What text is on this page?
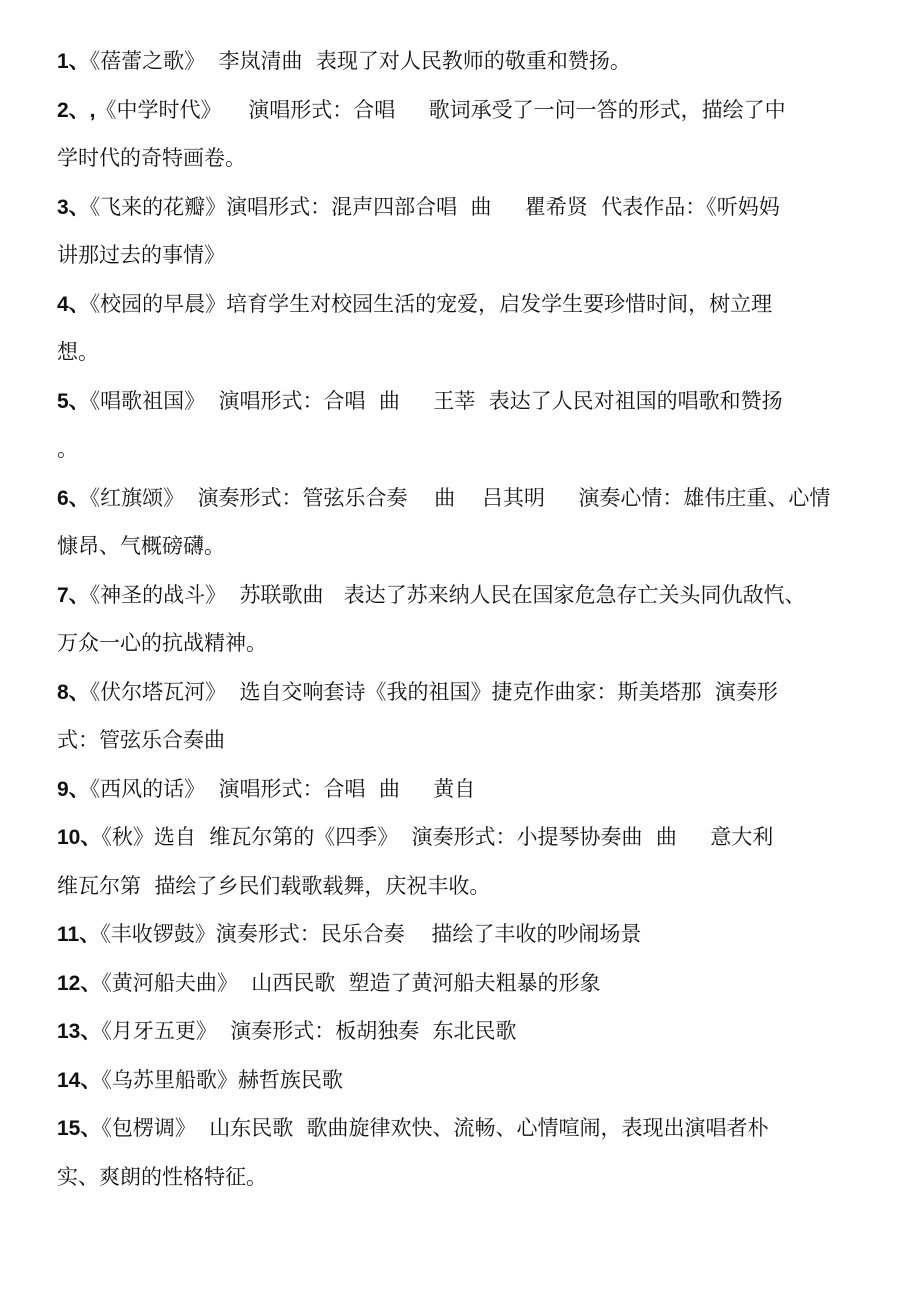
1、《蓓蕾之歌》  李岚清曲  表现了对人民教师的敬重和赞扬。
2、,《中学时代》    演唱形式：合唱     歌词承受了一问一答的形式，描绘了中
学时代的奇特画卷。
3、《飞来的花瓣》演唱形式：混声四部合唱  曲     瞿希贤  代表作品：《听妈妈
讲那过去的事情》
4、《校园的早晨》培育学生对校园生活的宠爱，启发学生要珍惜时间，树立理
想。
5、《唱歌祖国》  演唱形式：合唱  曲     王莘  表达了人民对祖国的唱歌和赞扬
。
6、《红旗颂》  演奏形式：管弦乐合奏    曲    吕其明     演奏心情：雄伟庄重、心情
慷昂、气概磅礴。
7、《神圣的战斗》  苏联歌曲   表达了苏来纳人民在国家危急存亡关头同仇敌忾、
万众一心的抗战精神。
8、《伏尔塔瓦河》  选自交响套诗《我的祖国》捷克作曲家：斯美塔那  演奏形
式：管弦乐合奏曲
9、《西风的话》  演唱形式：合唱  曲     黄自
10、《秋》选自  维瓦尔第的《四季》  演奏形式：小提琴协奏曲  曲     意大利
维瓦尔第  描绘了乡民们载歌载舞，庆祝丰收。
11、《丰收锣鼓》演奏形式：民乐合奏    描绘了丰收的吵闹场景
12、《黄河船夫曲》  山西民歌  塑造了黄河船夫粗暴的形象
13、《月牙五更》  演奏形式：板胡独奏  东北民歌
14、《乌苏里船歌》赫哲族民歌
15、《包楞调》  山东民歌  歌曲旋律欢快、流畅、心情喧闹，表现出演唱者朴
实、爽朗的性格特征。
